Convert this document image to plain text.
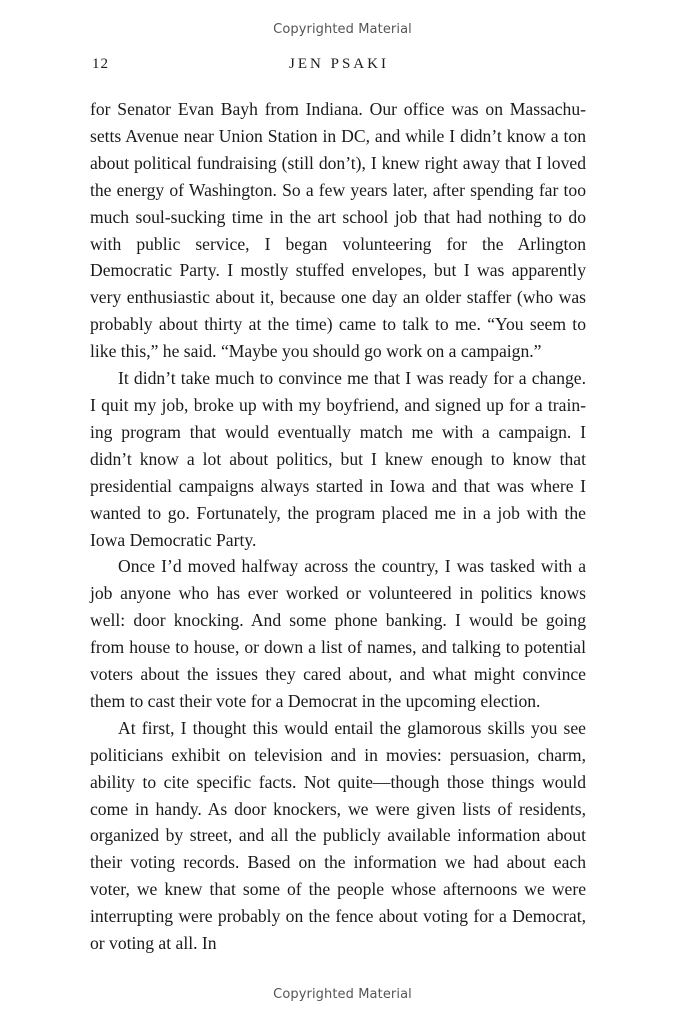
Copyrighted Material
12	JEN PSAKI

for Senator Evan Bayh from Indiana. Our office was on Massachusetts Avenue near Union Station in DC, and while I didn’t know a ton about political fundraising (still don’t), I knew right away that I loved the energy of Washington. So a few years later, after spending far too much soul-sucking time in the art school job that had nothing to do with public service, I began volunteering for the Arlington Democratic Party. I mostly stuffed envelopes, but I was apparently very enthusiastic about it, because one day an older staffer (who was probably about thirty at the time) came to talk to me. “You seem to like this,” he said. “Maybe you should go work on a campaign.”

It didn’t take much to convince me that I was ready for a change. I quit my job, broke up with my boyfriend, and signed up for a training program that would eventually match me with a campaign. I didn’t know a lot about politics, but I knew enough to know that presidential campaigns always started in Iowa and that was where I wanted to go. Fortunately, the program placed me in a job with the Iowa Democratic Party.

Once I’d moved halfway across the country, I was tasked with a job anyone who has ever worked or volunteered in politics knows well: door knocking. And some phone banking. I would be going from house to house, or down a list of names, and talking to potential voters about the issues they cared about, and what might convince them to cast their vote for a Democrat in the upcoming election.

At first, I thought this would entail the glamorous skills you see politicians exhibit on television and in movies: persuasion, charm, ability to cite specific facts. Not quite—though those things would come in handy. As door knockers, we were given lists of residents, organized by street, and all the publicly available information about their voting records. Based on the information we had about each voter, we knew that some of the people whose afternoons we were interrupting were probably on the fence about voting for a Democrat, or voting at all. In

Copyrighted Material
